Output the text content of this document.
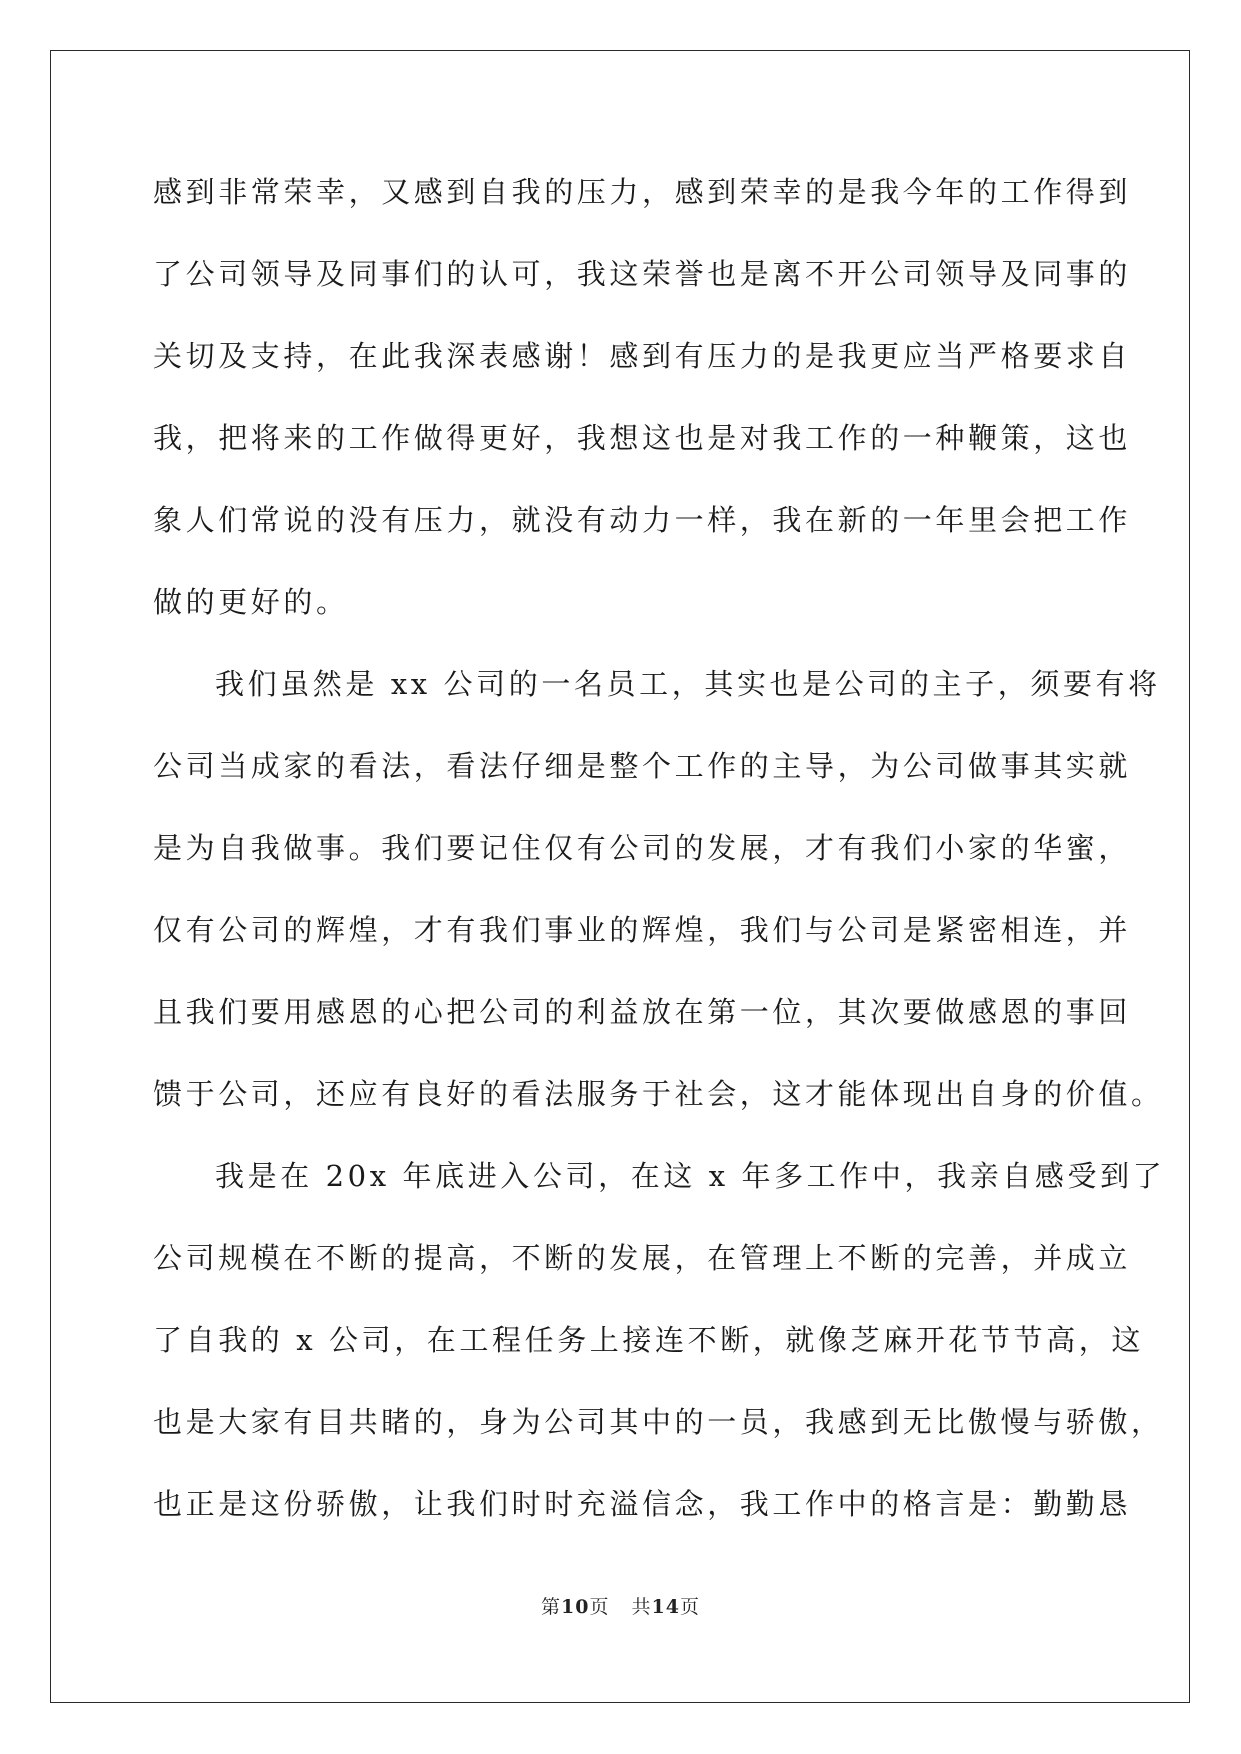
感到非常荣幸，又感到自我的压力，感到荣幸的是我今年的工作得到
了公司领导及同事们的认可，我这荣誉也是离不开公司领导及同事的
关切及支持，在此我深表感谢！感到有压力的是我更应当严格要求自
我，把将来的工作做得更好，我想这也是对我工作的一种鞭策，这也
象人们常说的没有压力，就没有动力一样，我在新的一年里会把工作
做的更好的。
我们虽然是 xx 公司的一名员工，其实也是公司的主子，须要有将
公司当成家的看法，看法仔细是整个工作的主导，为公司做事其实就
是为自我做事。我们要记住仅有公司的发展，才有我们小家的华蜜，
仅有公司的辉煌，才有我们事业的辉煌，我们与公司是紧密相连，并
且我们要用感恩的心把公司的利益放在第一位，其次要做感恩的事回
馈于公司，还应有良好的看法服务于社会，这才能体现出自身的价值。
我是在 20x 年底进入公司，在这 x 年多工作中，我亲自感受到了
公司规模在不断的提高，不断的发展，在管理上不断的完善，并成立
了自我的 x 公司，在工程任务上接连不断，就像芝麻开花节节高，这
也是大家有目共睹的，身为公司其中的一员，我感到无比傲慢与骄傲，
也正是这份骄傲，让我们时时充溢信念，我工作中的格言是：勤勤恳
第10页 共14页
